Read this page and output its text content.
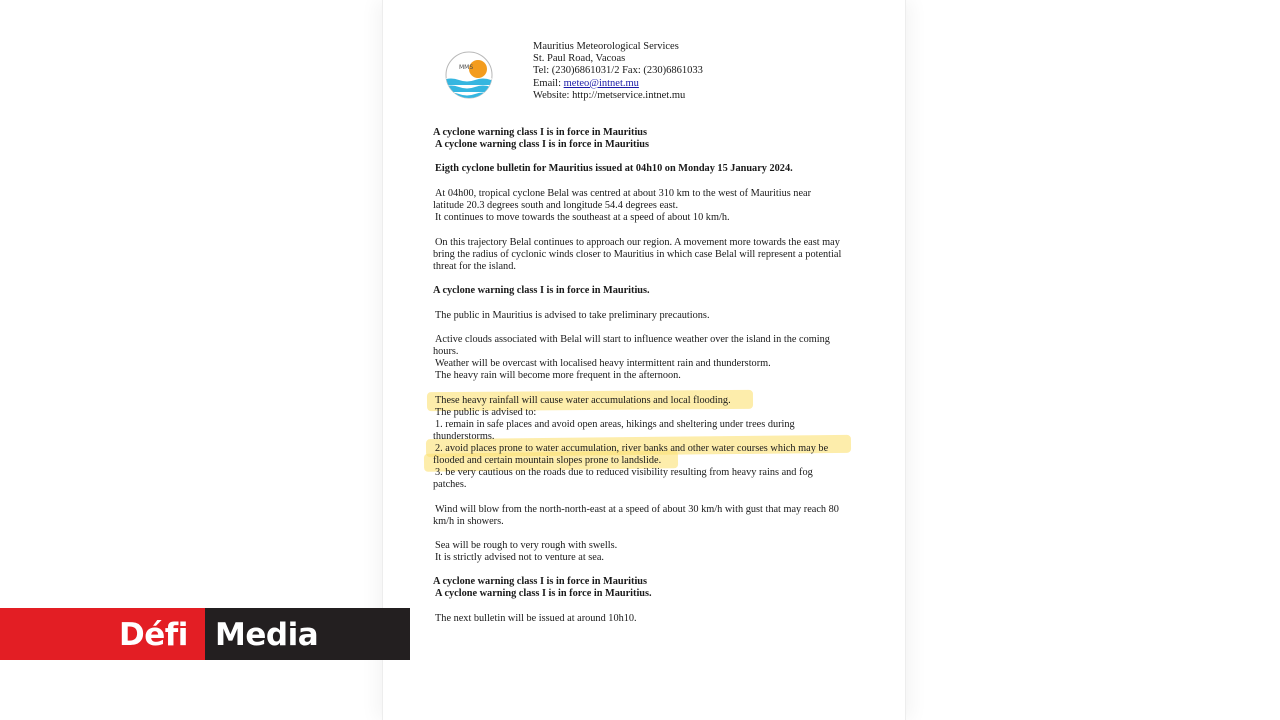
MMS
Mauritius Meteorological Services
St. Paul Road, Vacoas
Tel: (230)6861031/2 Fax: (230)6861033
Email: meteo@intnet.mu
Website: http://metservice.intnet.mu
A cyclone warning class I is in force in Mauritius
A cyclone warning class I is in force in Mauritius
Eigth cyclone bulletin for Mauritius issued at 04h10 on Monday 15 January 2024.
At 04h00, tropical cyclone Belal was centred at about 310 km to the west of Mauritius near
latitude 20.3 degrees south and longitude 54.4 degrees east.
It continues to move towards the southeast at a speed of about 10 km/h.
On this trajectory Belal continues to approach our region. A movement more towards the east may
bring the radius of cyclonic winds closer to Mauritius in which case Belal will represent a potential
threat for the island.
A cyclone warning class I is in force in Mauritius.
The public in Mauritius is advised to take preliminary precautions.
Active clouds associated with Belal will start to influence weather over the island in the coming
hours.
Weather will be overcast with localised heavy intermittent rain and thunderstorm.
The heavy rain will become more frequent in the afternoon.
These heavy rainfall will cause water accumulations and local flooding.
The public is advised to:
1. remain in safe places and avoid open areas, hikings and sheltering under trees during
thunderstorms.
2. avoid places prone to water accumulation, river banks and other water courses which may be
flooded and certain mountain slopes prone to landslide.
3. be very cautious on the roads due to reduced visibility resulting from heavy rains and fog
patches.
Wind will blow from the north-north-east at a speed of about 30 km/h with gust that may reach 80
km/h in showers.
Sea will be rough to very rough with swells.
It is strictly advised not to venture at sea.
A cyclone warning class I is in force in Mauritius
A cyclone warning class I is in force in Mauritius.
The next bulletin will be issued at around 10h10.
Défi Media
